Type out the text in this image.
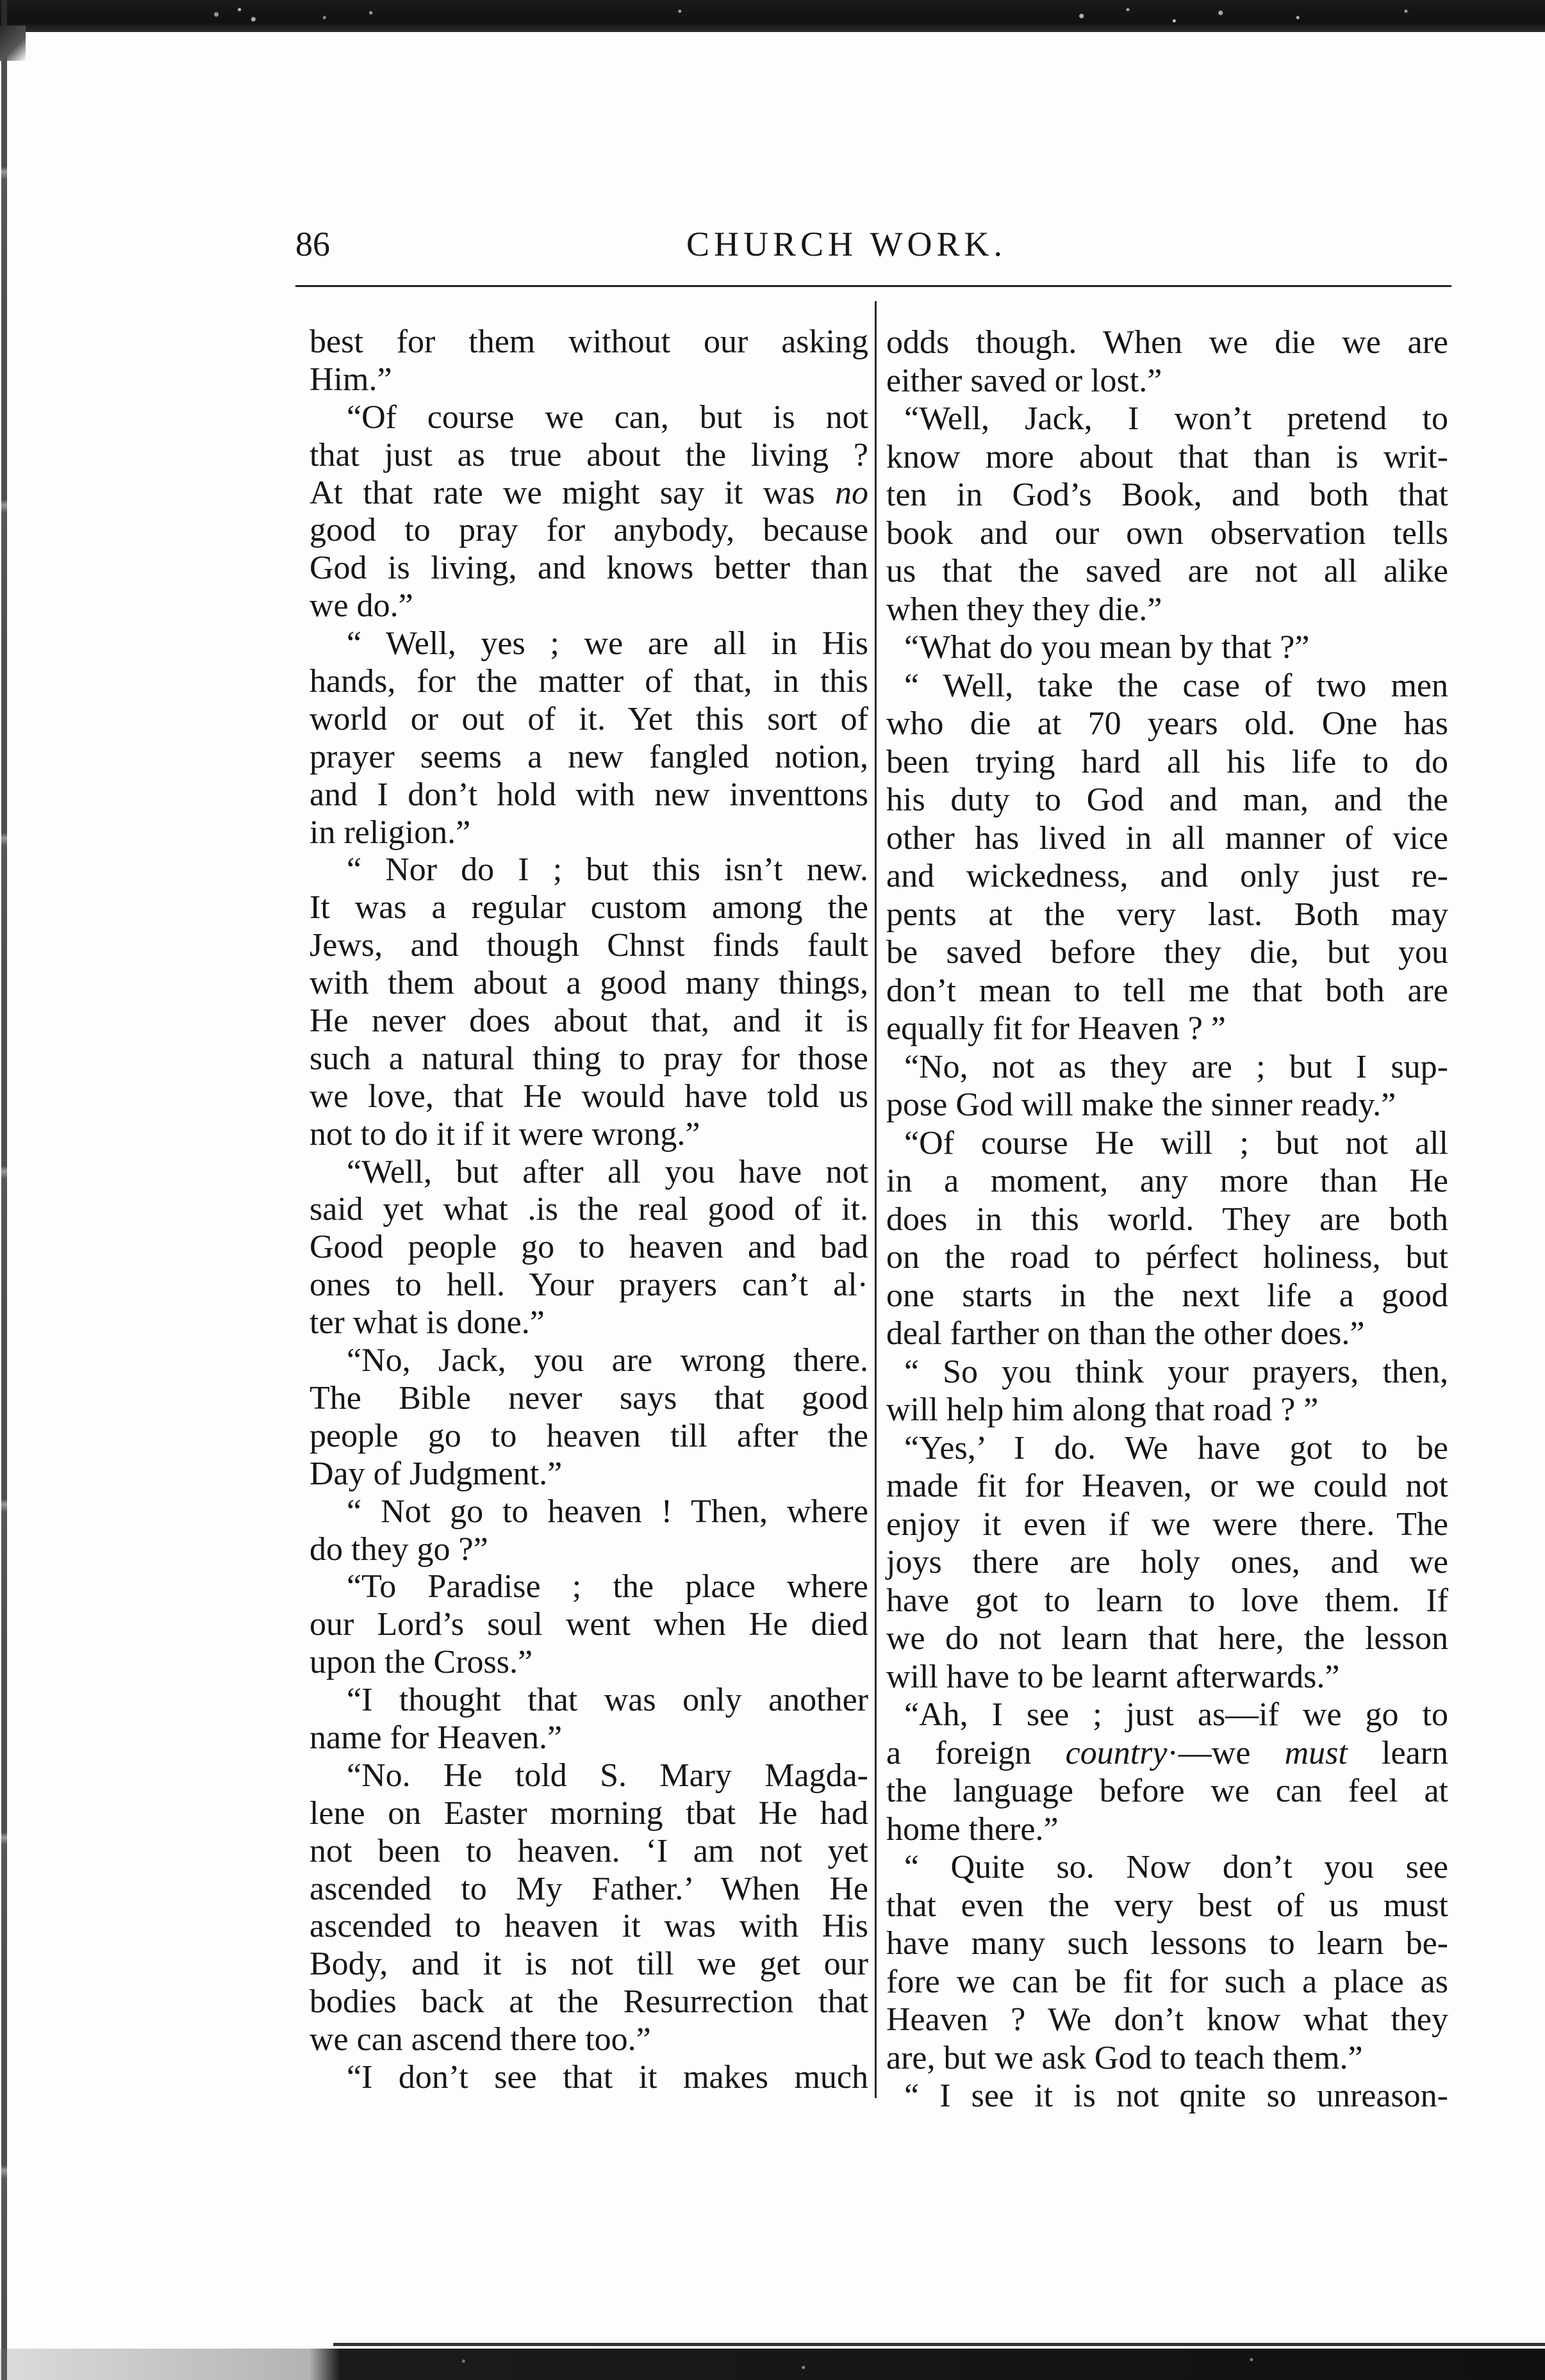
86	CHURCH WORK.
best for them without our asking
Him.”
“Of course we can, but is not
that just as true about the living ?
At that rate we might say it was no
good to pray for anybody, because
God is living, and knows better than
we do.”
“ Well, yes ; we are all in His
hands, for the matter of that, in this
world or out of it. Yet this sort of
prayer seems a new fangled notion,
and I don’t hold with new inventtons
in religion.”
“ Nor do I ; but this isn’t new.
It was a regular custom among the
Jews, and though Chnst finds fault
with them about a good many things,
He never does about that, and it is
such a natural thing to pray for those
we love, that He would have told us
not to do it if it were wrong.”
“Well, but after all you have not
said yet what .is the real good of it.
Good people go to heaven and bad
ones to hell. Your prayers can’t al·
ter what is done.”
“No, Jack, you are wrong there.
The Bible never says that good
people go to heaven till after the
Day of Judgment.”
“ Not go to heaven ! Then, where
do they go ?”
“To Paradise ; the place where
our Lord’s soul went when He died
upon the Cross.”
“I thought that was only another
name for Heaven.”
“No. He told S. Mary Magda-
lene on Easter morning tbat He had
not been to heaven. ‘I am not yet
ascended to My Father.’ When He
ascended to heaven it was with His
Body, and it is not till we get our
bodies back at the Resurrection that
we can ascend there too.”
“I don’t see that it makes much
odds though. When we die we are
either saved or lost.”
“Well, Jack, I won’t pretend to
know more about that than is writ-
ten in God’s Book, and both that
book and our own observation tells
us that the saved are not all alike
when they they die.”
“What do you mean by that ?”
“ Well, take the case of two men
who die at 70 years old. One has
been trying hard all his life to do
his duty to God and man, and the
other has lived in all manner of vice
and wickedness, and only just re-
pents at the very last. Both may
be saved before they die, but you
don’t mean to tell me that both are
equally fit for Heaven ? ”
“No, not as they are ; but I sup-
pose God will make the sinner ready.”
“Of course He will ; but not all
in a moment, any more than He
does in this world. They are both
on the road to pérfect holiness, but
one starts in the next life a good
deal farther on than the other does.”
“ So you think your prayers, then,
will help him along that road ? ”
“Yes,’ I do. We have got to be
made fit for Heaven, or we could not
enjoy it even if we were there. The
joys there are holy ones, and we
have got to learn to love them. If
we do not learn that here, the lesson
will have to be learnt afterwards.”
“Ah, I see ; just as—if we go to
a foreign country·—we must learn
the language before we can feel at
home there.”
“ Quite so. Now don’t you see
that even the very best of us must
have many such lessons to learn be-
fore we can be fit for such a place as
Heaven ? We don’t know what they
are, but we ask God to teach them.”
“ I see it is not qnite so unreason-
